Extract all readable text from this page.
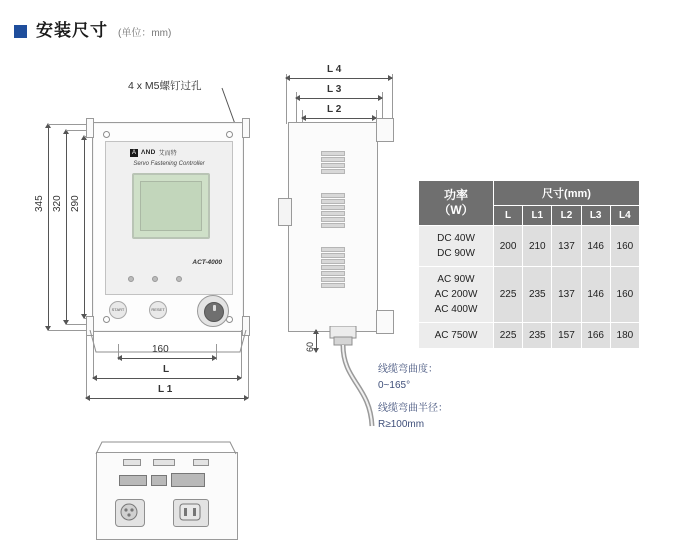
安装尺寸 (单位：mm)
4 x M5螺钉过孔
345 320 290
A ΛND 艾而特
Servo Fastening Controller
ACT-4000
START	RESET
160
L
L 1
L 4
L 3
L 2
60
功率
（W）	尺寸(mm)				
	L	L1	L2	L3	L4

DC 40W
DC 90W	200	210	137	146	160

AC 90W
AC 200W
AC 400W	225	235	137	146	160

AC 750W	225	235	157	166	180
线缆弯曲度：
0~165°
线缆弯曲半径：
R≥100mm
